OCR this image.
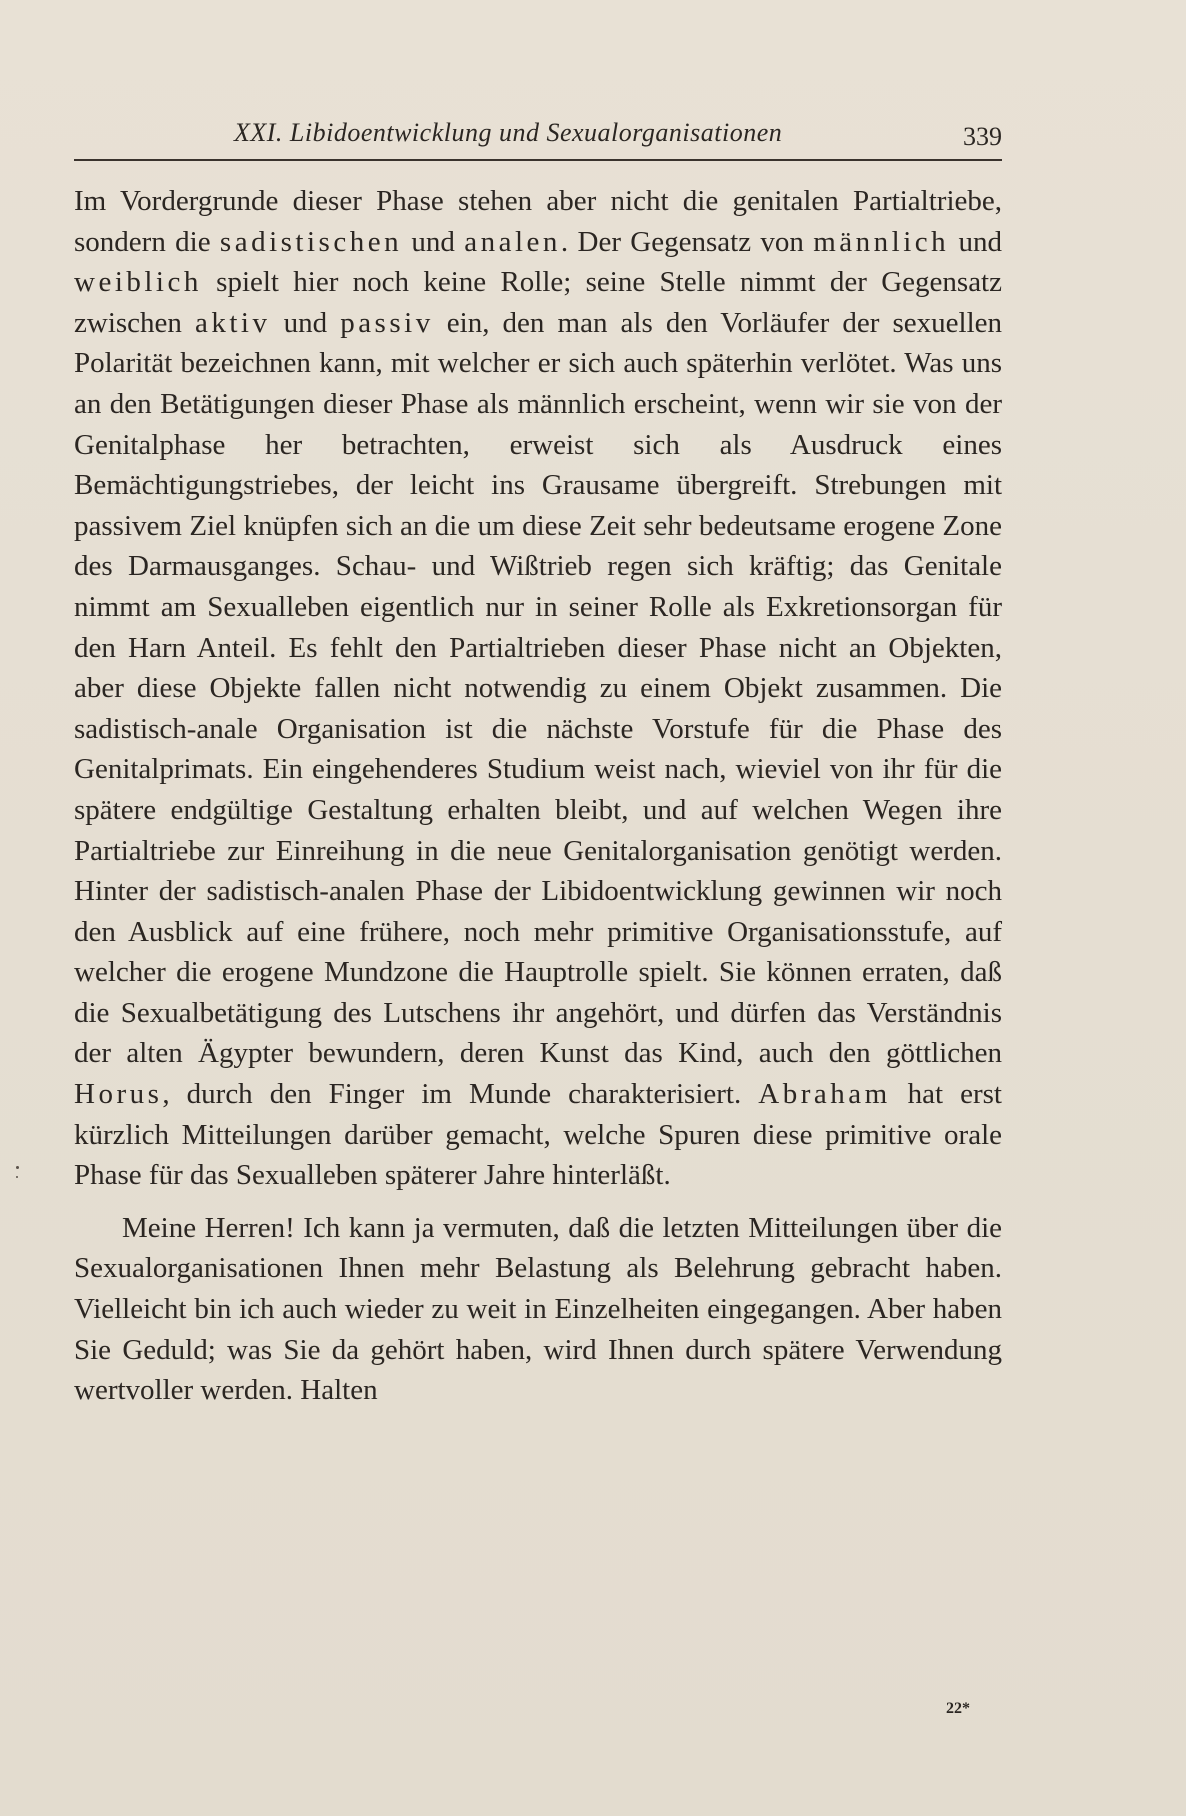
XXI. Libidoentwicklung und Sexualorganisationen	339

Im Vordergrunde dieser Phase stehen aber nicht die genitalen Partialtriebe, sondern die sadistischen und analen. Der Gegensatz von männlich und weiblich spielt hier noch keine Rolle; seine Stelle nimmt der Gegensatz zwischen aktiv und passiv ein, den man als den Vorläufer der sexuellen Polarität bezeichnen kann, mit welcher er sich auch späterhin verlötet. Was uns an den Betätigungen dieser Phase als männlich erscheint, wenn wir sie von der Genitalphase her betrachten, erweist sich als Ausdruck eines Bemächtigungstriebes, der leicht ins Grausame übergreift. Strebungen mit passivem Ziel knüpfen sich an die um diese Zeit sehr bedeutsame erogene Zone des Darmausganges. Schau- und Wißtrieb regen sich kräftig; das Genitale nimmt am Sexualleben eigentlich nur in seiner Rolle als Exkretionsorgan für den Harn Anteil. Es fehlt den Partialtrieben dieser Phase nicht an Objekten, aber diese Objekte fallen nicht notwendig zu einem Objekt zusammen. Die sadistisch-anale Organisation ist die nächste Vorstufe für die Phase des Genitalprimats. Ein eingehenderes Studium weist nach, wieviel von ihr für die spätere endgültige Gestaltung erhalten bleibt, und auf welchen Wegen ihre Partialtriebe zur Einreihung in die neue Genitalorganisation genötigt werden. Hinter der sadistisch-analen Phase der Libidoentwicklung gewinnen wir noch den Ausblick auf eine frühere, noch mehr primitive Organisationsstufe, auf welcher die erogene Mundzone die Hauptrolle spielt. Sie können erraten, daß die Sexualbetätigung des Lutschens ihr angehört, und dürfen das Verständnis der alten Ägypter bewundern, deren Kunst das Kind, auch den göttlichen Horus, durch den Finger im Munde charakterisiert. Abraham hat erst kürzlich Mitteilungen darüber gemacht, welche Spuren diese primitive orale Phase für das Sexualleben späterer Jahre hinterläßt.

Meine Herren! Ich kann ja vermuten, daß die letzten Mitteilungen über die Sexualorganisationen Ihnen mehr Belastung als Belehrung gebracht haben. Vielleicht bin ich auch wieder zu weit in Einzelheiten eingegangen. Aber haben Sie Geduld; was Sie da gehört haben, wird Ihnen durch spätere Verwendung wertvoller werden. Halten

22*
